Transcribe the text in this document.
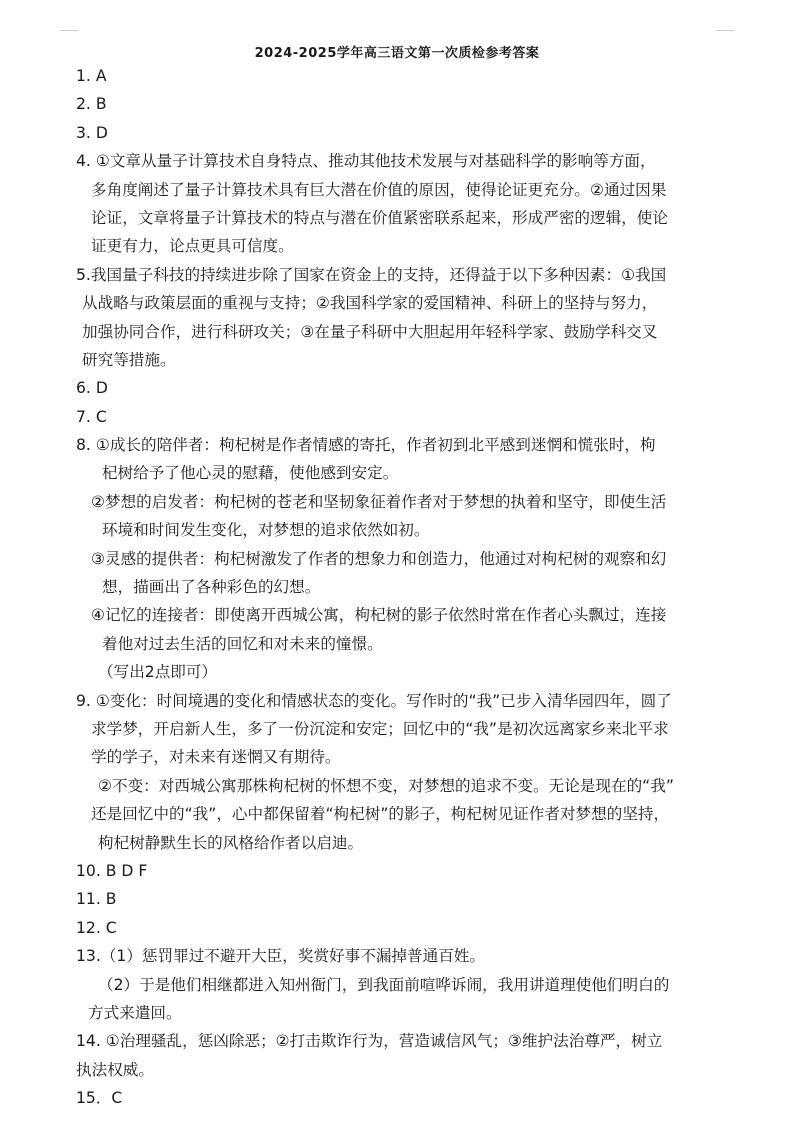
2024-2025学年高三语文第一次质检参考答案
1. A
2. B
3. D
4. ①文章从量子计算技术自身特点、推动其他技术发展与对基础科学的影响等方面，
多角度阐述了量子计算技术具有巨大潜在价值的原因，使得论证更充分。②通过因果
论证，文章将量子计算技术的特点与潜在价值紧密联系起来，形成严密的逻辑，使论
证更有力，论点更具可信度。
5.我国量子科技的持续进步除了国家在资金上的支持，还得益于以下多种因素：①我国
从战略与政策层面的重视与支持；②我国科学家的爱国精神、科研上的坚持与努力，
加强协同合作，进行科研攻关；③在量子科研中大胆起用年轻科学家、鼓励学科交叉
研究等措施。
6. D
7. C
8. ①成长的陪伴者：枸杞树是作者情感的寄托，作者初到北平感到迷惘和慌张时，枸
杞树给予了他心灵的慰藉，使他感到安定。
②梦想的启发者：枸杞树的苍老和坚韧象征着作者对于梦想的执着和坚守，即使生活
环境和时间发生变化，对梦想的追求依然如初。
③灵感的提供者：枸杞树激发了作者的想象力和创造力，他通过对枸杞树的观察和幻
想，描画出了各种彩色的幻想。
④记忆的连接者：即使离开西城公寓，枸杞树的影子依然时常在作者心头飘过，连接
着他对过去生活的回忆和对未来的憧憬。
（写出2点即可）
9. ①变化：时间境遇的变化和情感状态的变化。写作时的“我”已步入清华园四年，圆了
求学梦，开启新人生，多了一份沉淀和安定；回忆中的“我”是初次远离家乡来北平求
学的学子，对未来有迷惘又有期待。
②不变：对西城公寓那株枸杞树的怀想不变，对梦想的追求不变。无论是现在的“我”
还是回忆中的“我”，心中都保留着“枸杞树”的影子，枸杞树见证作者对梦想的坚持，
枸杞树静默生长的风格给作者以启迪。
10. B D F
11. B
12. C
13.（1）惩罚罪过不避开大臣，奖赏好事不漏掉普通百姓。
（2）于是他们相继都进入知州衙门，到我面前喧哗诉闹，我用讲道理使他们明白的
方式来遣回。
14. ①治理骚乱，惩凶除恶；②打击欺诈行为，营造诚信风气；③维护法治尊严，树立
执法权威。
15．C
